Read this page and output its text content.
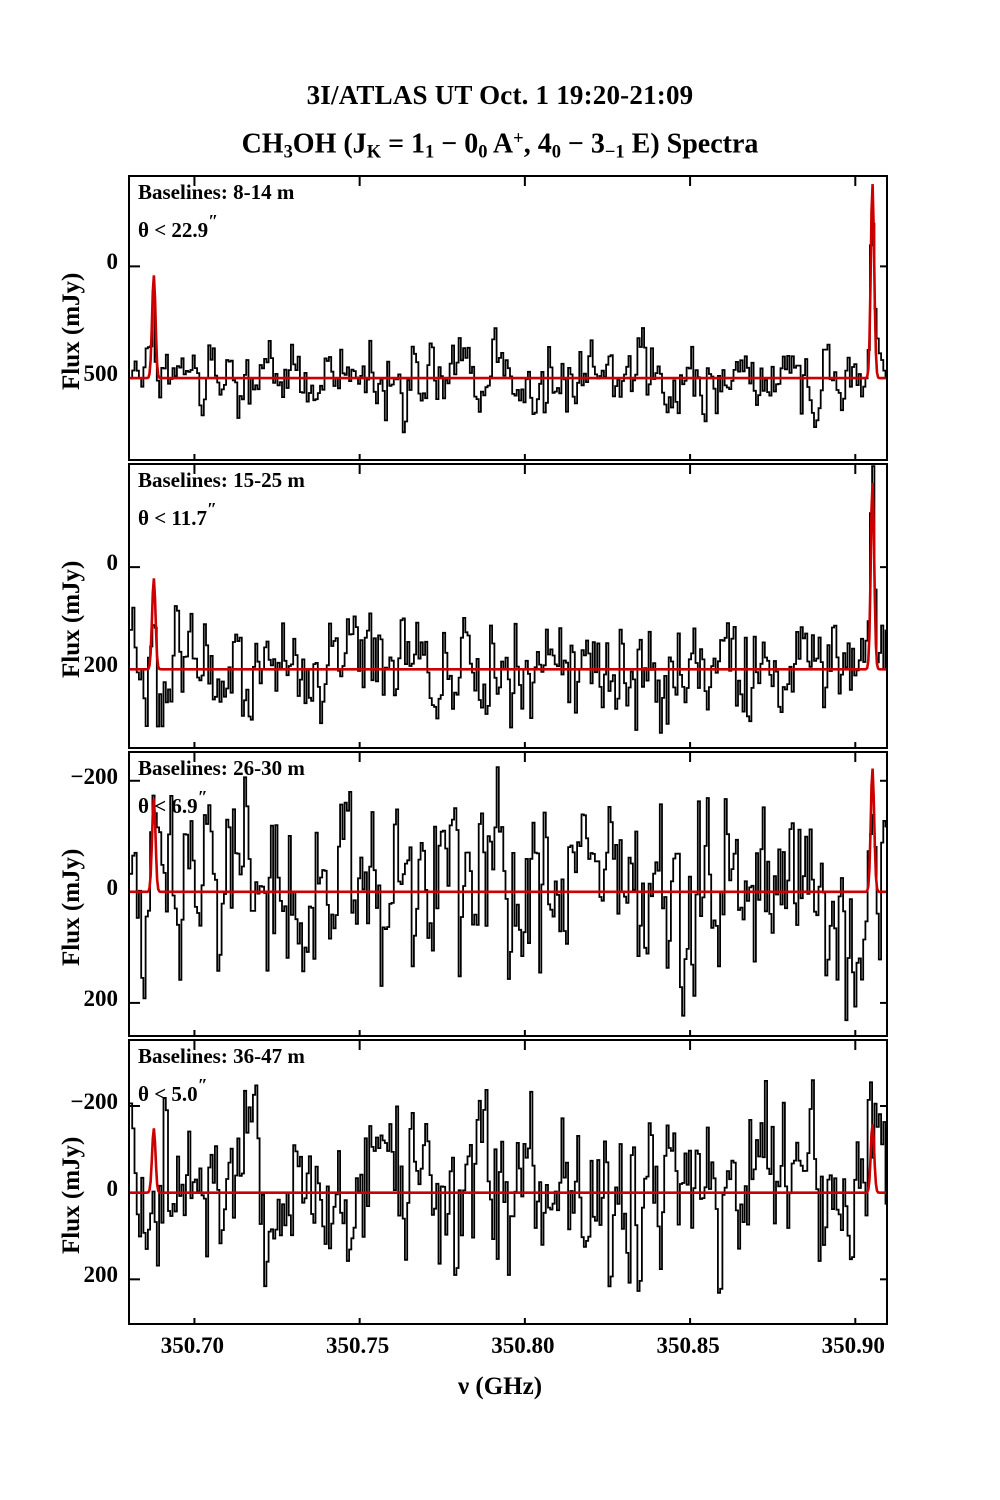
3I/ATLAS UT Oct. 1 19:20-21:09
$CH_3OH$ ($J_K = 1_1 - 0_0$ A+, $4_0 - 3_{-1}$ E) Spectra
Baselines: 8-14 m
θ < 22.9″
Baselines: 15-25 m
θ < 11.7″
Baselines: 26-30 m
θ < 6.9″
Baselines: 36-47 m
θ < 5.0″
ν (GHz)
500
0
Flux (mJy)
200
0
Flux (mJy)
200
0
−200
Flux (mJy)
200
0
−200
Flux (mJy)
350.70	350.75	350.80	350.85	350.90
